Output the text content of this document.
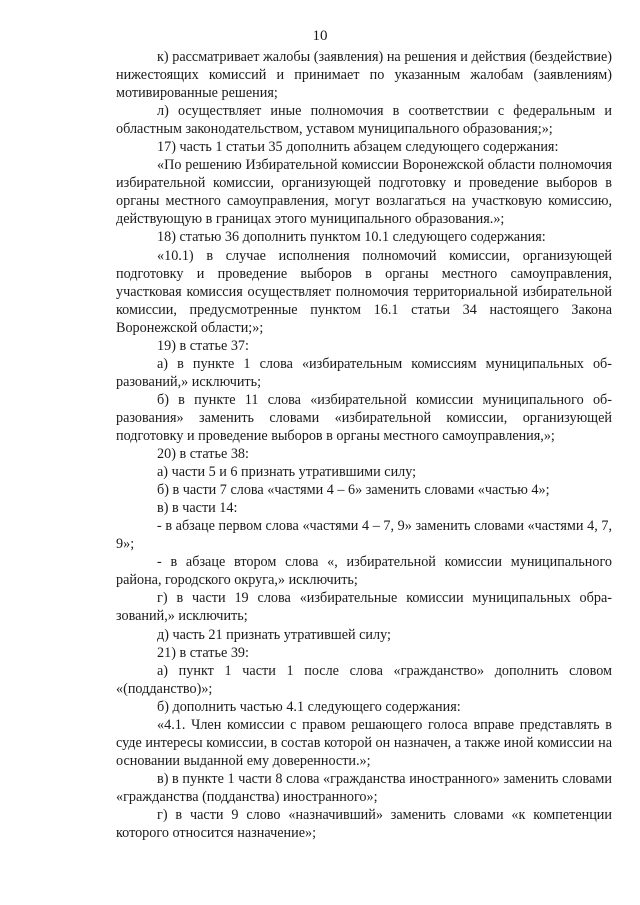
10

к) рассматривает жалобы (заявления) на решения и действия (бездействие) нижестоящих комиссий и принимает по указанным жалобам (заявлениям) мотивированные решения;

л) осуществляет иные полномочия в соответствии с федеральным и областным законодательством, уставом муниципального образования;»;

17) часть 1 статьи 35 дополнить абзацем следующего содержания:

«По решению Избирательной комиссии Воронежской области полномочия избирательной комиссии, организующей подготовку и проведение выборов в органы местного самоуправления, могут возлагаться на участковую комиссию, действующую в границах этого муниципального образования.»;

18) статью 36 дополнить пунктом 10.1 следующего содержания:

«10.1) в случае исполнения полномочий комиссии, организующей подготовку и проведение выборов в органы местного самоуправления, участковая комиссия осуществляет полномочия территориальной избирательной комиссии, предусмотренные пунктом 16.1 статьи 34 настоящего Закона Воронежской области;»;

19) в статье 37:

а) в пункте 1 слова «избирательным комиссиям муниципальных образований,» исключить;

б) в пункте 11 слова «избирательной комиссии муниципального образования» заменить словами «избирательной комиссии, организующей подготовку и проведение выборов в органы местного самоуправления,»;

20) в статье 38:

а) части 5 и 6 признать утратившими силу;

б) в части 7 слова «частями 4 – 6» заменить словами «частью 4»;

в) в части 14:

- в абзаце первом слова «частями 4 – 7, 9» заменить словами «частями 4, 7, 9»;

- в абзаце втором слова «, избирательной комиссии муниципального района, городского округа,» исключить;

г) в части 19 слова «избирательные комиссии муниципальных образований,» исключить;

д) часть 21 признать утратившей силу;

21) в статье 39:

а) пункт 1 части 1 после слова «гражданство» дополнить словом «(подданство)»;

б) дополнить частью 4.1 следующего содержания:

«4.1. Член комиссии с правом решающего голоса вправе представлять в суде интересы комиссии, в состав которой он назначен, а также иной комиссии на основании выданной ему доверенности.»;

в) в пункте 1 части 8 слова «гражданства иностранного» заменить словами «гражданства (подданства) иностранного»;

г) в части 9 слово «назначивший» заменить словами «к компетенции которого относится назначение»;
